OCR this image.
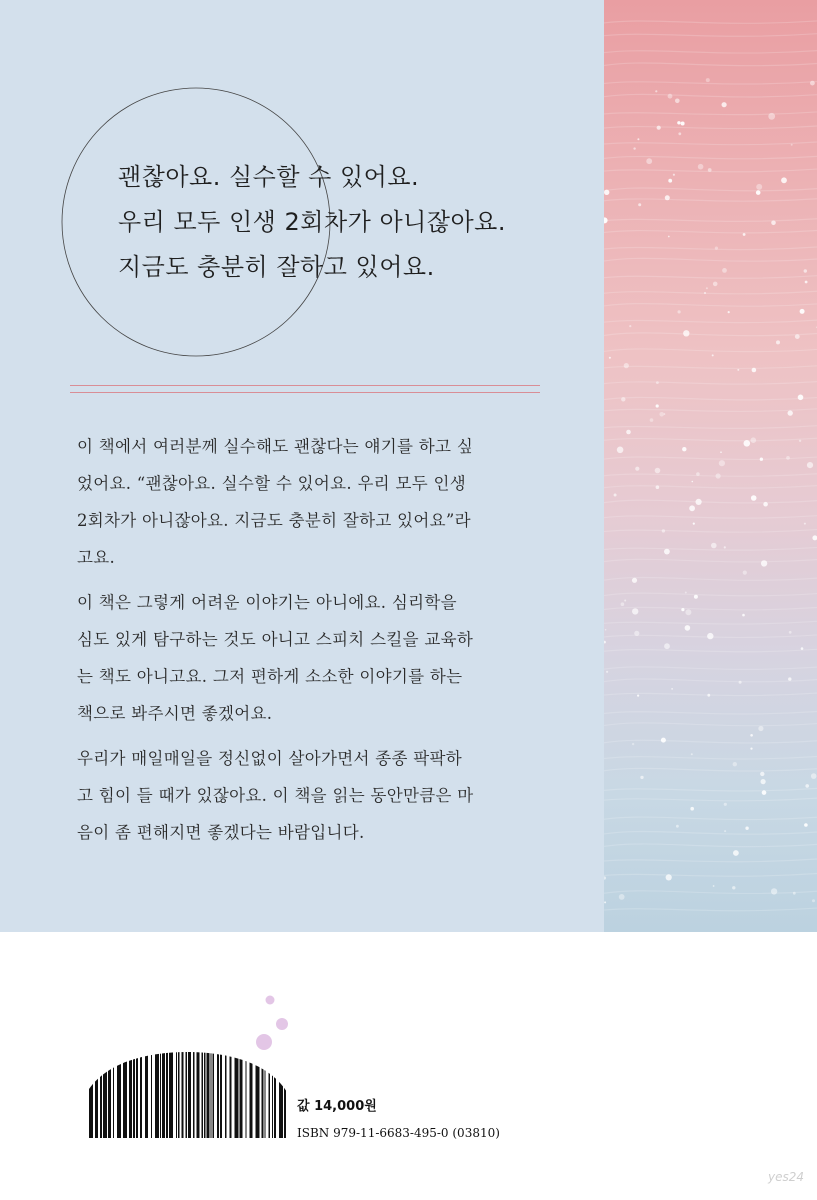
괜찮아요. 실수할 수 있어요.
우리 모두 인생 2회차가 아니잖아요.
지금도 충분히 잘하고 있어요.

이 책에서 여러분께 실수해도 괜찮다는 얘기를 하고 싶
었어요. “괜찮아요. 실수할 수 있어요. 우리 모두 인생
2회차가 아니잖아요. 지금도 충분히 잘하고 있어요”라
고요.

이 책은 그렇게 어려운 이야기는 아니에요. 심리학을
심도 있게 탐구하는 것도 아니고 스피치 스킬을 교육하
는 책도 아니고요. 그저 편하게 소소한 이야기를 하는
책으로 봐주시면 좋겠어요.

우리가 매일매일을 정신없이 살아가면서 종종 팍팍하
고 힘이 들 때가 있잖아요. 이 책을 읽는 동안만큼은 마
음이 좀 편해지면 좋겠다는 바람입니다.

값 14,000원
ISBN 979-11-6683-495-0 (03810)
yes24
